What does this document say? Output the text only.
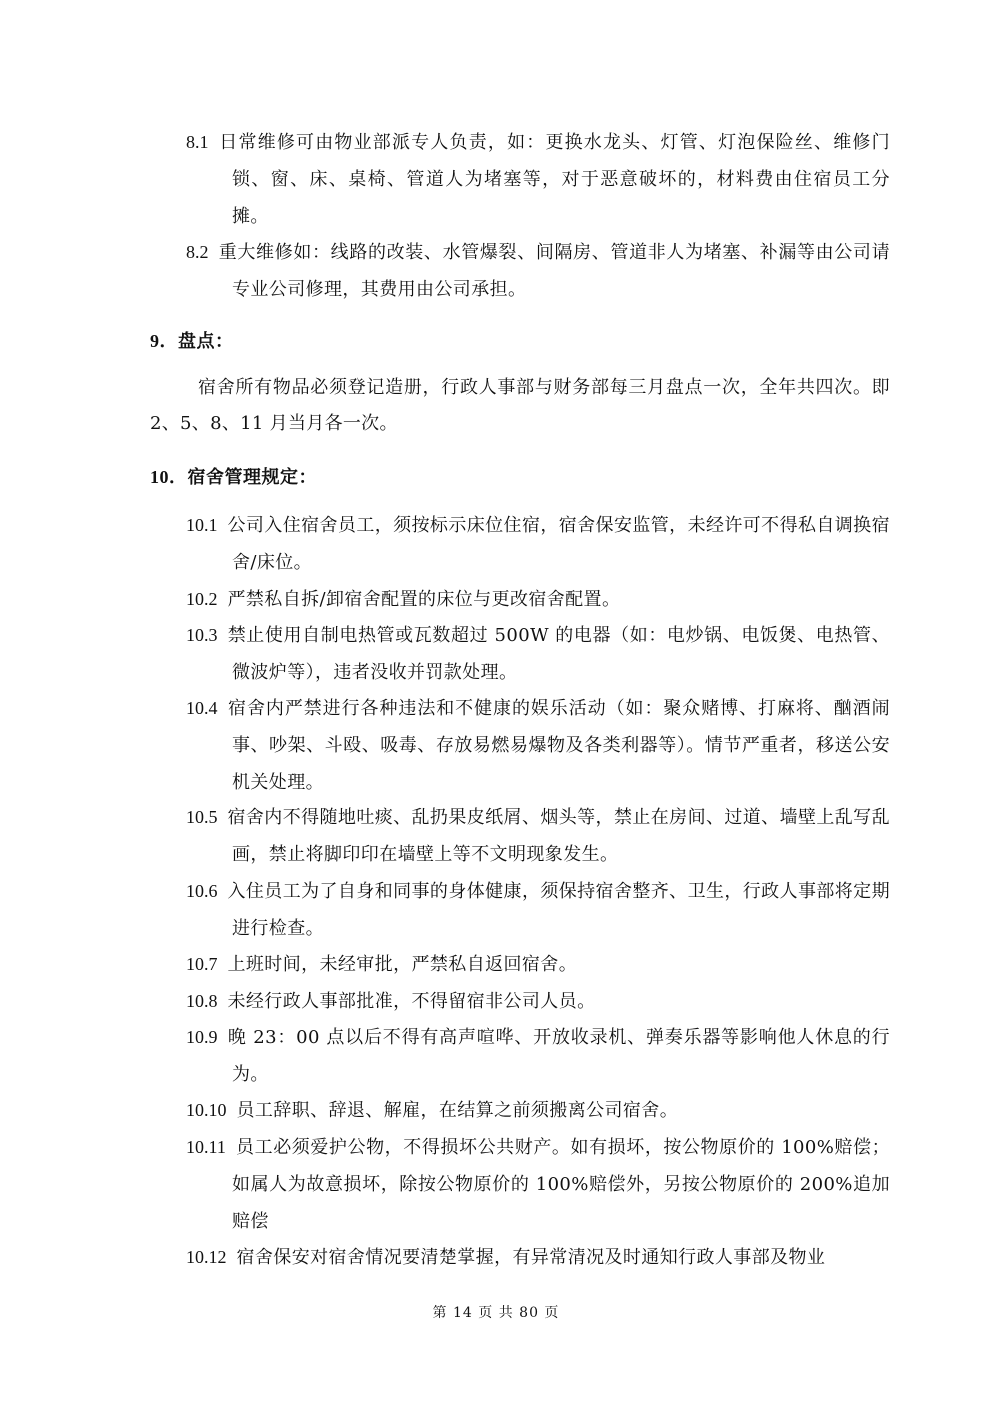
8.1 日常维修可由物业部派专人负责，如：更换水龙头、灯管、灯泡保险丝、维修门锁、窗、床、桌椅、管道人为堵塞等，对于恶意破坏的，材料费由住宿员工分摊。
8.2 重大维修如：线路的改装、水管爆裂、间隔房、管道非人为堵塞、补漏等由公司请专业公司修理，其费用由公司承担。
9．盘点：
宿舍所有物品必须登记造册，行政人事部与财务部每三月盘点一次，全年共四次。即 2、5、8、11 月当月各一次。
10．宿舍管理规定：
10.1 公司入住宿舍员工，须按标示床位住宿，宿舍保安监管，未经许可不得私自调换宿舍/床位。
10.2 严禁私自拆/卸宿舍配置的床位与更改宿舍配置。
10.3 禁止使用自制电热管或瓦数超过 500W 的电器（如：电炒锅、电饭煲、电热管、微波炉等），违者没收并罚款处理。
10.4 宿舍内严禁进行各种违法和不健康的娱乐活动（如：聚众赌博、打麻将、酗酒闹事、吵架、斗殴、吸毒、存放易燃易爆物及各类利器等）。情节严重者，移送公安机关处理。
10.5 宿舍内不得随地吐痰、乱扔果皮纸屑、烟头等，禁止在房间、过道、墙壁上乱写乱画，禁止将脚印印在墙壁上等不文明现象发生。
10.6 入住员工为了自身和同事的身体健康，须保持宿舍整齐、卫生，行政人事部将定期进行检查。
10.7 上班时间，未经审批，严禁私自返回宿舍。
10.8 未经行政人事部批准，不得留宿非公司人员。
10.9 晚 23：00 点以后不得有高声喧哗、开放收录机、弹奏乐器等影响他人休息的行为。
10.10 员工辞职、辞退、解雇，在结算之前须搬离公司宿舍。
10.11 员工必须爱护公物，不得损坏公共财产。如有损坏，按公物原价的 100%赔偿； 如属人为故意损坏，除按公物原价的 100%赔偿外，另按公物原价的 200%追加赔偿
10.12 宿舍保安对宿舍情况要清楚掌握，有异常清况及时通知行政人事部及物业
第 14 页 共 80 页
